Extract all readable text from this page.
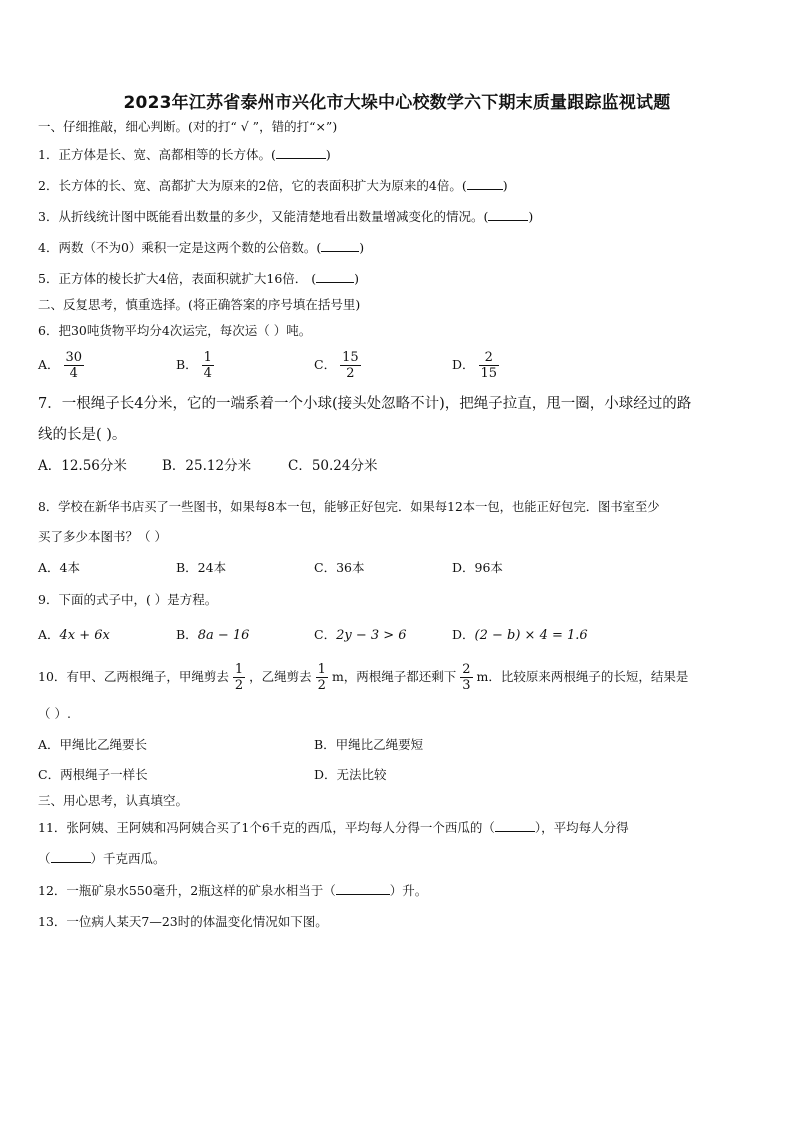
2023年江苏省泰州市兴化市大垛中心校数学六下期末质量跟踪监视试题
一、仔细推敲，细心判断。(对的打“ √ ”，错的打“×”)
1．正方体是长、宽、高都相等的长方体。(	)
2．长方体的长、宽、高都扩大为原来的2倍，它的表面积扩大为原来的4倍。(	)
3．从折线统计图中既能看出数量的多少，又能清楚地看出数量增减变化的情况。(	)
4．两数（不为0）乘积一定是这两个数的公倍数。(	)
5．正方体的棱长扩大4倍，表面积就扩大16倍． (	)
二、反复思考，慎重选择。(将正确答案的序号填在括号里)
6．把30吨货物平均分4次运完，每次运（ ）吨。
A． $\frac{30}{4}$	B． $\frac{1}{4}$	C． $\frac{15}{2}$	D． $\frac{2}{15}$
7．一根绳子长4分米，它的一端系着一个小球(接头处忽略不计)，把绳子拉直，甩一圈，小球经过的路
线的长是( )。
A．12.56分米	B．25.12分米	C．50.24分米
8．学校在新华书店买了一些图书，如果每8本一包，能够正好包完．如果每12本一包，也能正好包完．图书室至少
买了多少本图书？（ ）
A．4本	B．24本	C．36本	D．96本
9．下面的式子中，( ）是方程。
A．4x + 6x	B．8a − 16	C．2y − 3 > 6	D．(2 − b) × 4 = 1.6
10．有甲、乙两根绳子，甲绳剪去 $\frac{1}{2}$ ，乙绳剪去 $\frac{1}{2}$ m，两根绳子都还剩下 $\frac{2}{3}$ m．比较原来两根绳子的长短，结果是
（ ）.
A．甲绳比乙绳要长	B．甲绳比乙绳要短
C．两根绳子一样长	D．无法比较
三、用心思考，认真填空。
11．张阿姨、王阿姨和冯阿姨合买了1个6千克的西瓜，平均每人分得一个西瓜的（	），平均每人分得
（	）千克西瓜。
12．一瓶矿泉水550毫升，2瓶这样的矿泉水相当于（	）升。
13．一位病人某天7—23时的体温变化情况如下图。
